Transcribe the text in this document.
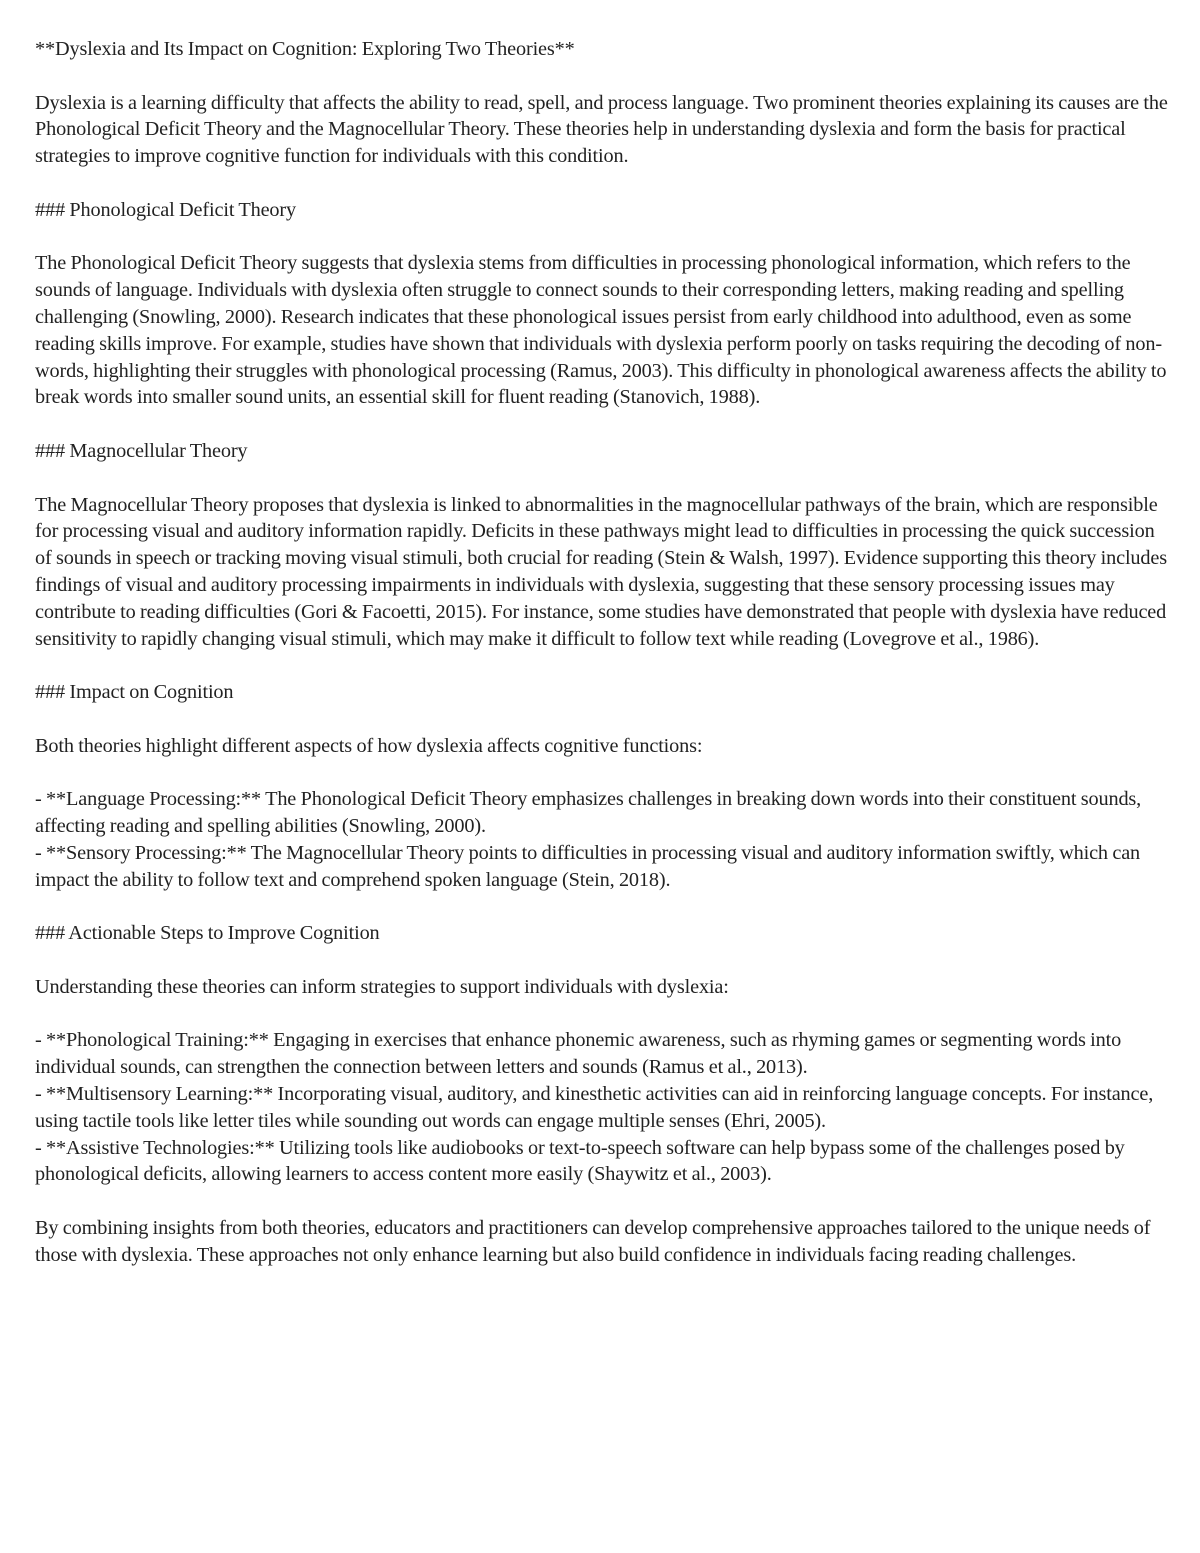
**Dyslexia and Its Impact on Cognition: Exploring Two Theories**
Dyslexia is a learning difficulty that affects the ability to read, spell, and process language. Two prominent theories explaining its causes are the Phonological Deficit Theory and the Magnocellular Theory. These theories help in understanding dyslexia and form the basis for practical strategies to improve cognitive function for individuals with this condition.
### Phonological Deficit Theory
The Phonological Deficit Theory suggests that dyslexia stems from difficulties in processing phonological information, which refers to the sounds of language. Individuals with dyslexia often struggle to connect sounds to their corresponding letters, making reading and spelling challenging (Snowling, 2000). Research indicates that these phonological issues persist from early childhood into adulthood, even as some reading skills improve. For example, studies have shown that individuals with dyslexia perform poorly on tasks requiring the decoding of non-words, highlighting their struggles with phonological processing (Ramus, 2003). This difficulty in phonological awareness affects the ability to break words into smaller sound units, an essential skill for fluent reading (Stanovich, 1988).
### Magnocellular Theory
The Magnocellular Theory proposes that dyslexia is linked to abnormalities in the magnocellular pathways of the brain, which are responsible for processing visual and auditory information rapidly. Deficits in these pathways might lead to difficulties in processing the quick succession of sounds in speech or tracking moving visual stimuli, both crucial for reading (Stein & Walsh, 1997). Evidence supporting this theory includes findings of visual and auditory processing impairments in individuals with dyslexia, suggesting that these sensory processing issues may contribute to reading difficulties (Gori & Facoetti, 2015). For instance, some studies have demonstrated that people with dyslexia have reduced sensitivity to rapidly changing visual stimuli, which may make it difficult to follow text while reading (Lovegrove et al., 1986).
### Impact on Cognition
Both theories highlight different aspects of how dyslexia affects cognitive functions:
- **Language Processing:** The Phonological Deficit Theory emphasizes challenges in breaking down words into their constituent sounds, affecting reading and spelling abilities (Snowling, 2000).
- **Sensory Processing:** The Magnocellular Theory points to difficulties in processing visual and auditory information swiftly, which can impact the ability to follow text and comprehend spoken language (Stein, 2018).
### Actionable Steps to Improve Cognition
Understanding these theories can inform strategies to support individuals with dyslexia:
- **Phonological Training:** Engaging in exercises that enhance phonemic awareness, such as rhyming games or segmenting words into individual sounds, can strengthen the connection between letters and sounds (Ramus et al., 2013).
- **Multisensory Learning:** Incorporating visual, auditory, and kinesthetic activities can aid in reinforcing language concepts. For instance, using tactile tools like letter tiles while sounding out words can engage multiple senses (Ehri, 2005).
- **Assistive Technologies:** Utilizing tools like audiobooks or text-to-speech software can help bypass some of the challenges posed by phonological deficits, allowing learners to access content more easily (Shaywitz et al., 2003).
By combining insights from both theories, educators and practitioners can develop comprehensive approaches tailored to the unique needs of those with dyslexia. These approaches not only enhance learning but also build confidence in individuals facing reading challenges.
